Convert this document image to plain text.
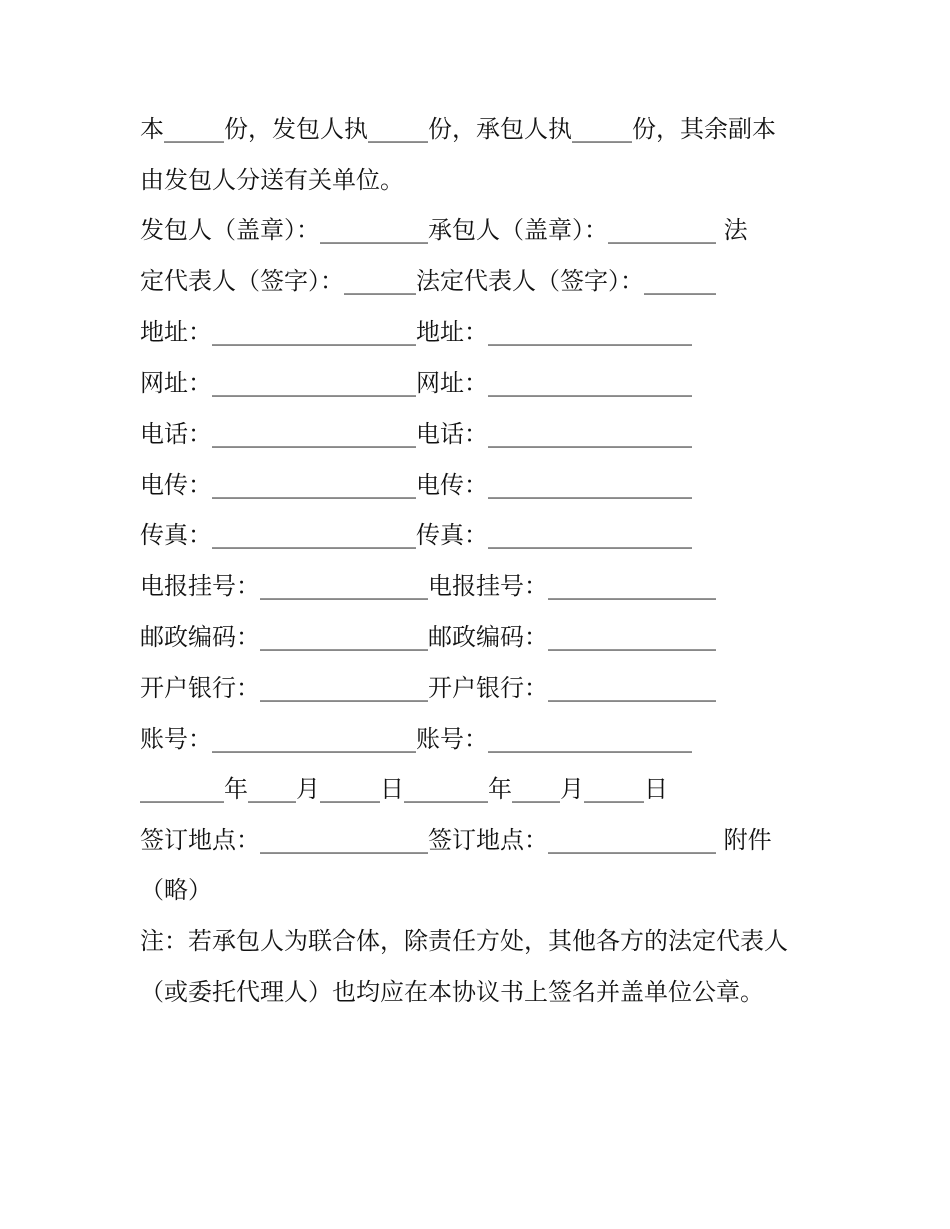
本_____份，发包人执_____份，承包人执_____份，其余副本
由发包人分送有关单位。
发包人（盖章）：_________承包人（盖章）：_________ 法
定代表人（签字）：______法定代表人（签字）：______
地址：_________________地址：_________________
网址：_________________网址：_________________
电话：_________________电话：_________________
电传：_________________电传：_________________
传真：_________________传真：_________________
电报挂号：______________电报挂号：______________
邮政编码：______________邮政编码：______________
开户银行：______________开户银行：______________
账号：_________________账号：_________________
_______年____月_____日_______年____月_____日
签订地点：______________签订地点：______________ 附件
（略）
注：若承包人为联合体，除责任方处，其他各方的法定代表人
（或委托代理人）也均应在本协议书上签名并盖单位公章。
